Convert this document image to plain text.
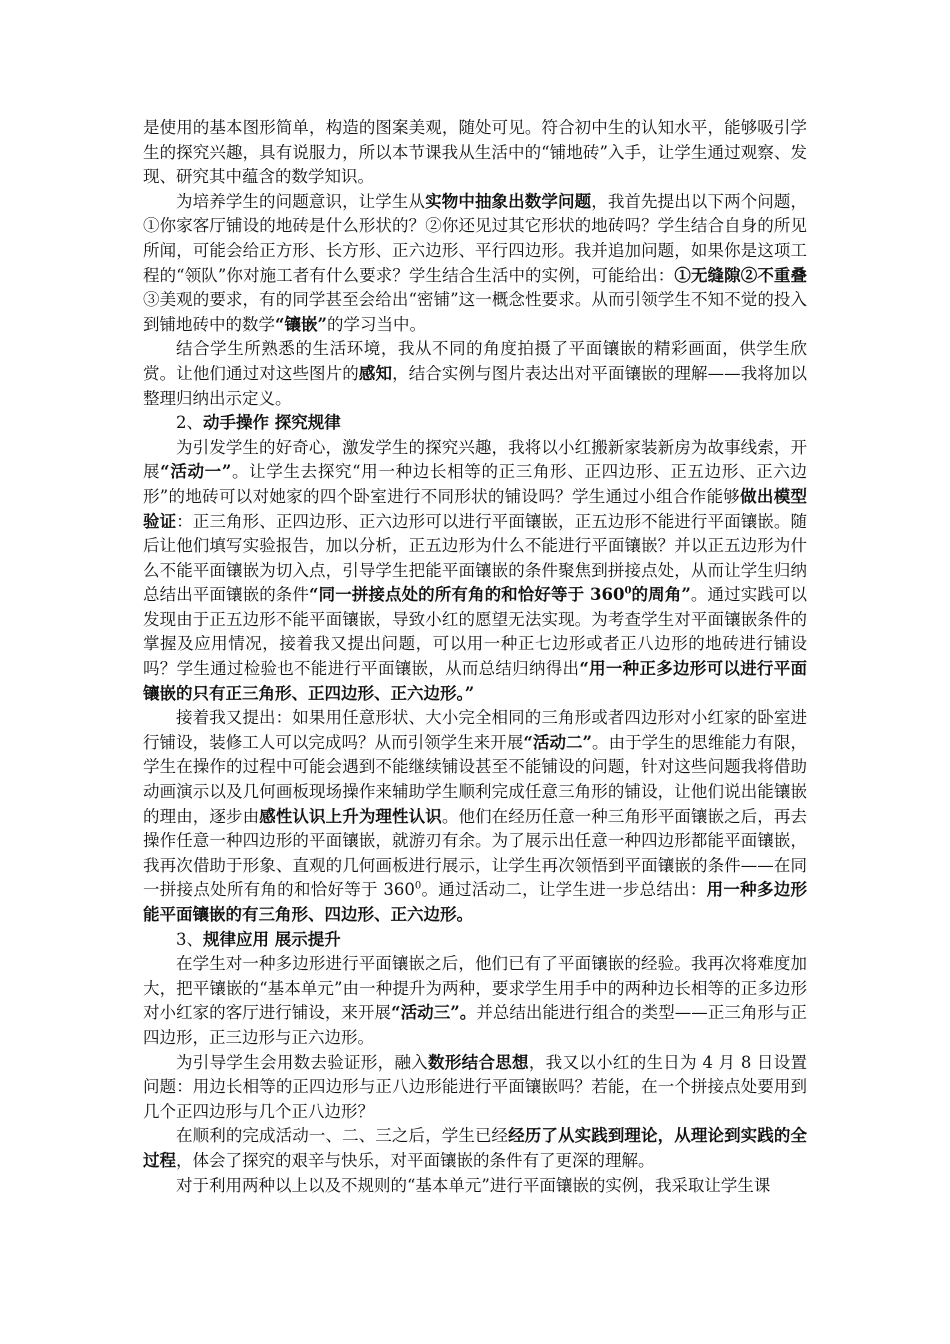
是使用的基本图形简单，构造的图案美观，随处可见。符合初中生的认知水平，能够吸引学生的探究兴趣，具有说服力，所以本节课我从生活中的“铺地砖”入手，让学生通过观察、发现、研究其中蕴含的数学知识。

为培养学生的问题意识，让学生从实物中抽象出数学问题，我首先提出以下两个问题，①你家客厅铺设的地砖是什么形状的？②你还见过其它形状的地砖吗？学生结合自身的所见所闻，可能会给正方形、长方形、正六边形、平行四边形。我并追加问题，如果你是这项工程的“领队”你对施工者有什么要求？学生结合生活中的实例，可能给出：①无缝隙②不重叠③美观的要求，有的同学甚至会给出“密铺”这一概念性要求。从而引领学生不知不觉的投入到铺地砖中的数学“镶嵌”的学习当中。

结合学生所熟悉的生活环境，我从不同的角度拍摄了平面镶嵌的精彩画面，供学生欣赏。让他们通过对这些图片的感知，结合实例与图片表达出对平面镶嵌的理解——我将加以整理归纳出示定义。

2、动手操作 探究规律

为引发学生的好奇心，激发学生的探究兴趣，我将以小红搬新家装新房为故事线索，开展“活动一”。让学生去探究“用一种边长相等的正三角形、正四边形、正五边形、正六边形”的地砖可以对她家的四个卧室进行不同形状的铺设吗？学生通过小组合作能够做出模型验证：正三角形、正四边形、正六边形可以进行平面镶嵌，正五边形不能进行平面镶嵌。随后让他们填写实验报告，加以分析，正五边形为什么不能进行平面镶嵌？并以正五边形为什么不能平面镶嵌为切入点，引导学生把能平面镶嵌的条件聚焦到拼接点处，从而让学生归纳总结出平面镶嵌的条件“同一拼接点处的所有角的和恰好等于 $360^0$的周角”。通过实践可以发现由于正五边形不能平面镶嵌，导致小红的愿望无法实现。为考查学生对平面镶嵌条件的掌握及应用情况，接着我又提出问题，可以用一种正七边形或者正八边形的地砖进行铺设吗？学生通过检验也不能进行平面镶嵌，从而总结归纳得出“用一种正多边形可以进行平面镶嵌的只有正三角形、正四边形、正六边形。”

接着我又提出：如果用任意形状、大小完全相同的三角形或者四边形对小红家的卧室进行铺设，装修工人可以完成吗？从而引领学生来开展“活动二”。由于学生的思维能力有限，学生在操作的过程中可能会遇到不能继续铺设甚至不能铺设的问题，针对这些问题我将借助动画演示以及几何画板现场操作来辅助学生顺利完成任意三角形的铺设，让他们说出能镶嵌的理由，逐步由感性认识上升为理性认识。他们在经历任意一种三角形平面镶嵌之后，再去操作任意一种四边形的平面镶嵌，就游刃有余。为了展示出任意一种四边形都能平面镶嵌，我再次借助于形象、直观的几何画板进行展示，让学生再次领悟到平面镶嵌的条件——在同一拼接点处所有角的和恰好等于 $360^0$。通过活动二，让学生进一步总结出：用一种多边形能平面镶嵌的有三角形、四边形、正六边形。

3、规律应用 展示提升

在学生对一种多边形进行平面镶嵌之后，他们已有了平面镶嵌的经验。我再次将难度加大，把平镶嵌的“基本单元”由一种提升为两种，要求学生用手中的两种边长相等的正多边形对小红家的客厅进行铺设，来开展“活动三”。并总结出能进行组合的类型——正三角形与正四边形，正三边形与正六边形。

为引导学生会用数去验证形，融入数形结合思想，我又以小红的生日为 4 月 8 日设置问题：用边长相等的正四边形与正八边形能进行平面镶嵌吗？若能，在一个拼接点处要用到几个正四边形与几个正八边形？

在顺利的完成活动一、二、三之后，学生已经经历了从实践到理论，从理论到实践的全过程，体会了探究的艰辛与快乐，对平面镶嵌的条件有了更深的理解。

对于利用两种以上以及不规则的“基本单元”进行平面镶嵌的实例，我采取让学生课
